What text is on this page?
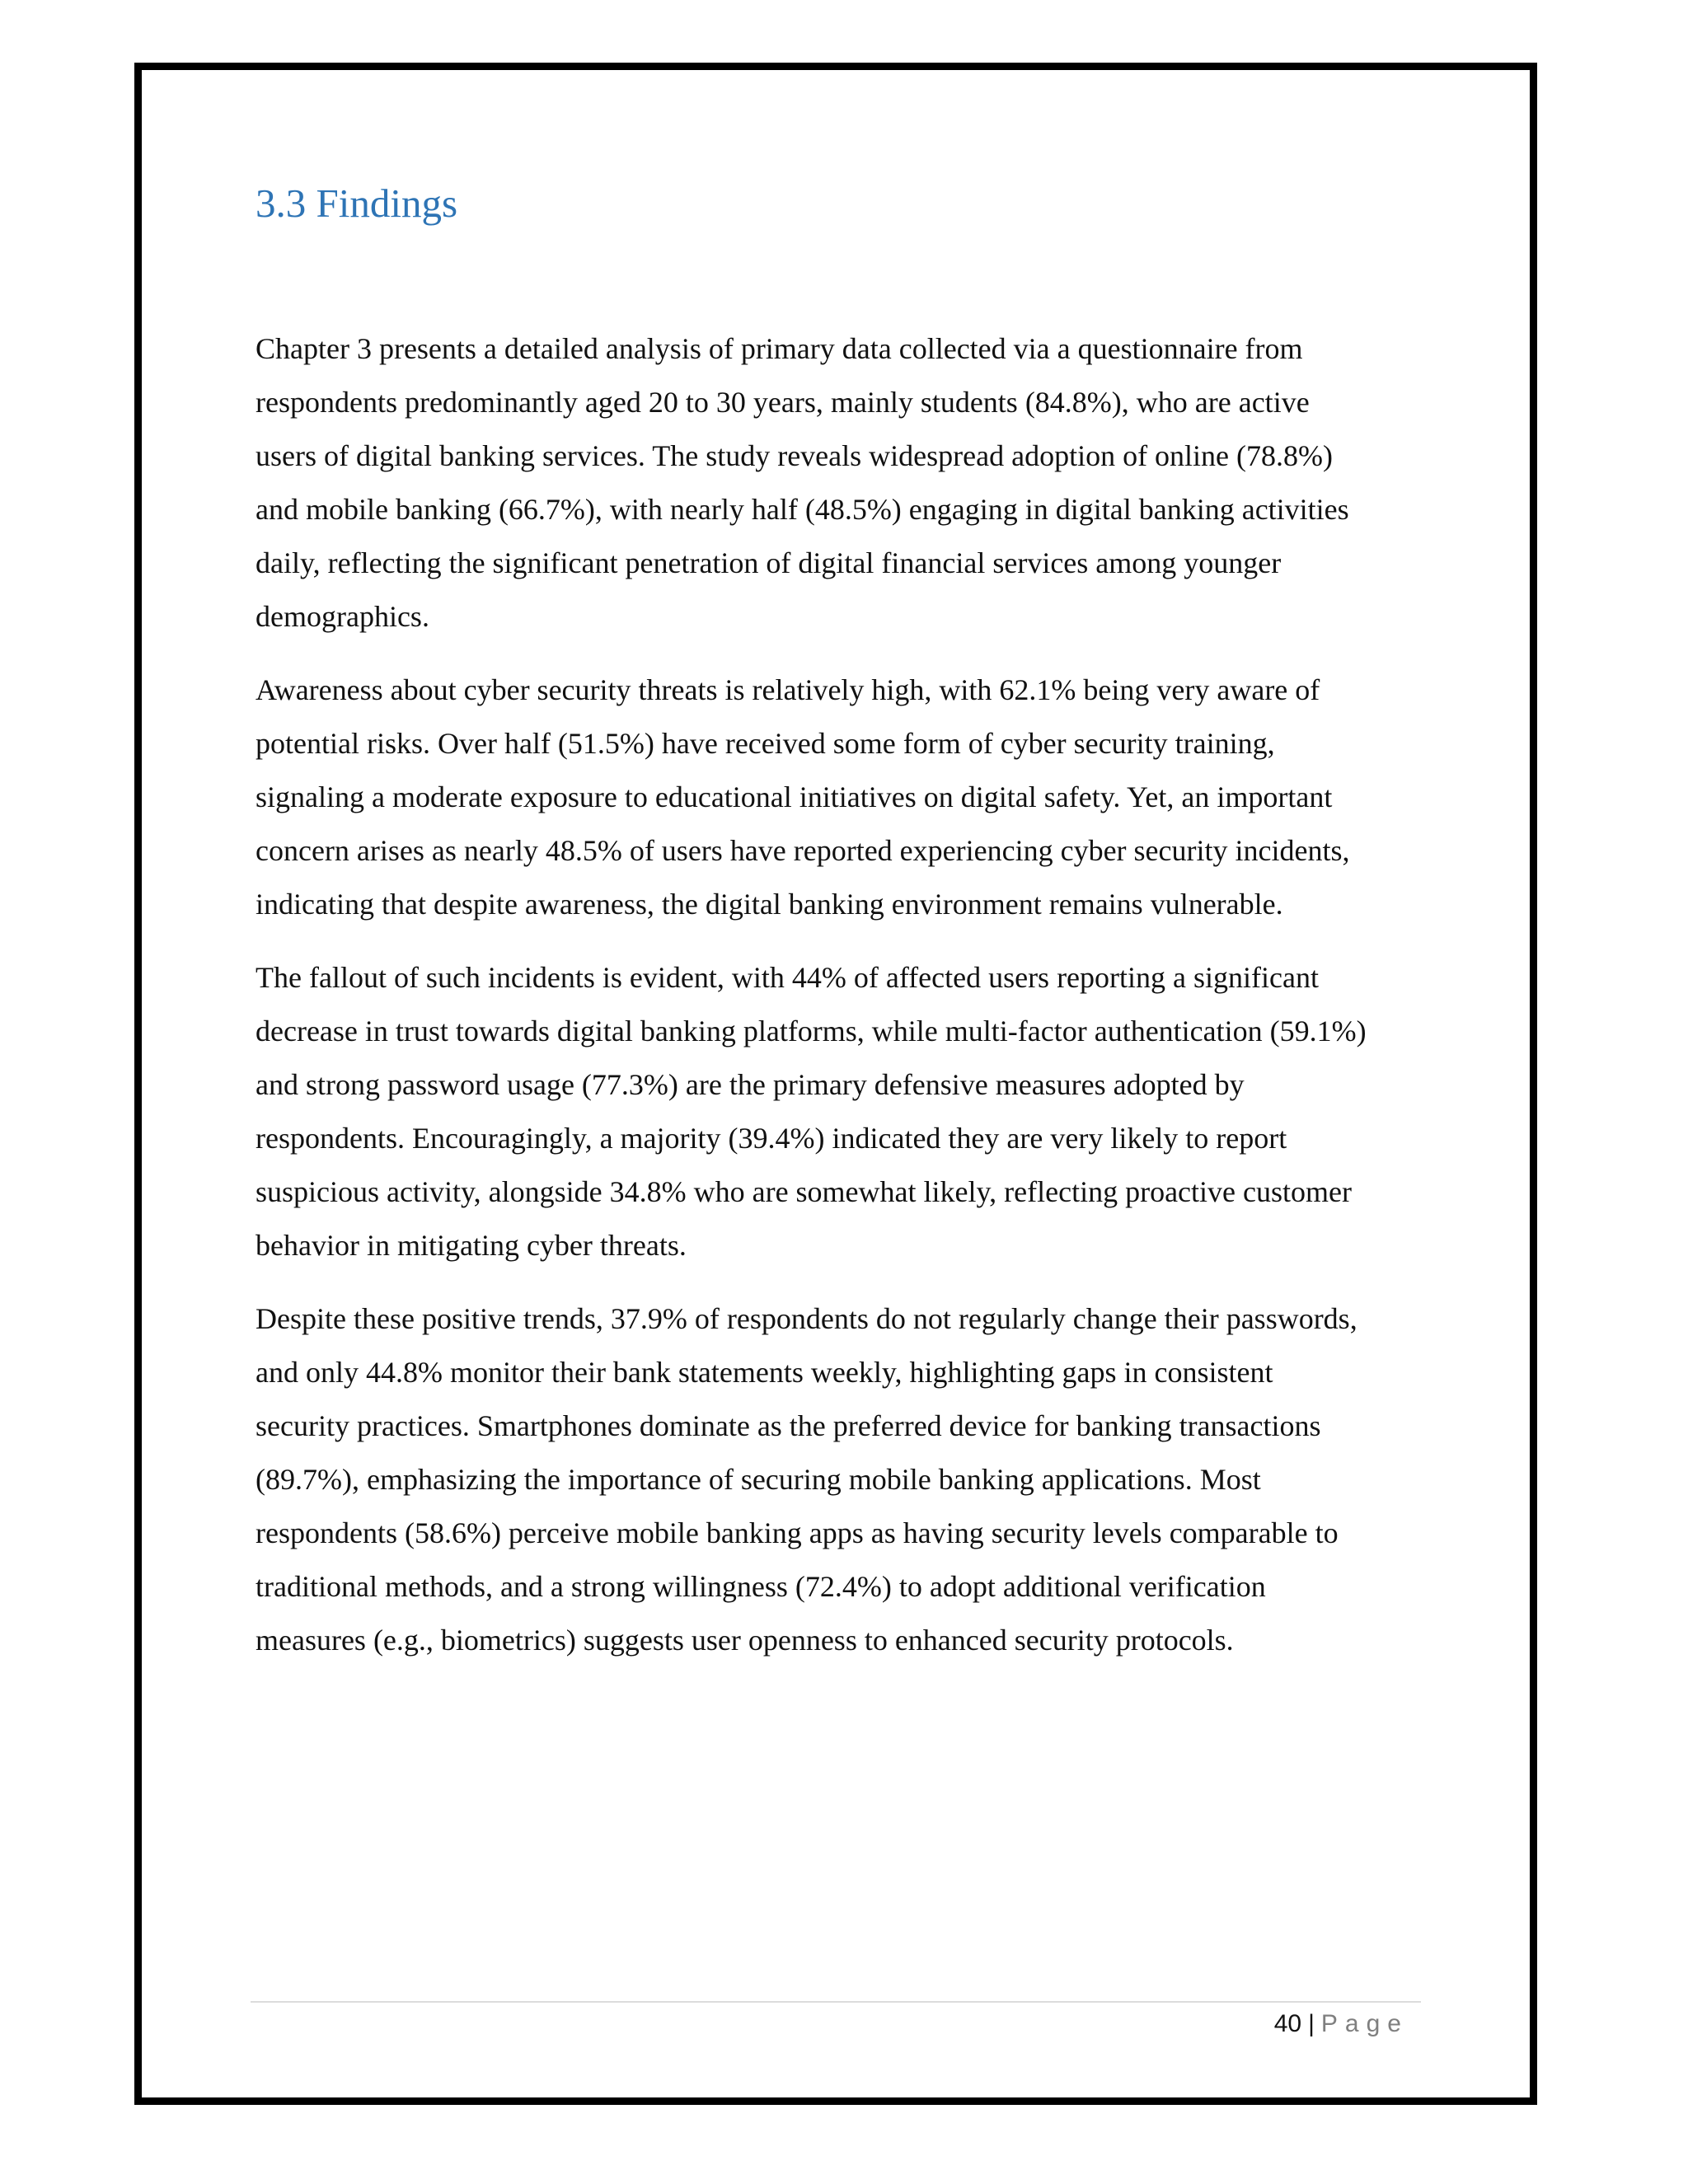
3.3 Findings

Chapter 3 presents a detailed analysis of primary data collected via a questionnaire from
respondents predominantly aged 20 to 30 years, mainly students (84.8%), who are active
users of digital banking services. The study reveals widespread adoption of online (78.8%)
and mobile banking (66.7%), with nearly half (48.5%) engaging in digital banking activities
daily, reflecting the significant penetration of digital financial services among younger
demographics.

Awareness about cyber security threats is relatively high, with 62.1% being very aware of
potential risks. Over half (51.5%) have received some form of cyber security training,
signaling a moderate exposure to educational initiatives on digital safety. Yet, an important
concern arises as nearly 48.5% of users have reported experiencing cyber security incidents,
indicating that despite awareness, the digital banking environment remains vulnerable.

The fallout of such incidents is evident, with 44% of affected users reporting a significant
decrease in trust towards digital banking platforms, while multi-factor authentication (59.1%)
and strong password usage (77.3%) are the primary defensive measures adopted by
respondents. Encouragingly, a majority (39.4%) indicated they are very likely to report
suspicious activity, alongside 34.8% who are somewhat likely, reflecting proactive customer
behavior in mitigating cyber threats.

Despite these positive trends, 37.9% of respondents do not regularly change their passwords,
and only 44.8% monitor their bank statements weekly, highlighting gaps in consistent
security practices. Smartphones dominate as the preferred device for banking transactions
(89.7%), emphasizing the importance of securing mobile banking applications. Most
respondents (58.6%) perceive mobile banking apps as having security levels comparable to
traditional methods, and a strong willingness (72.4%) to adopt additional verification
measures (e.g., biometrics) suggests user openness to enhanced security protocols.

40 | Page
